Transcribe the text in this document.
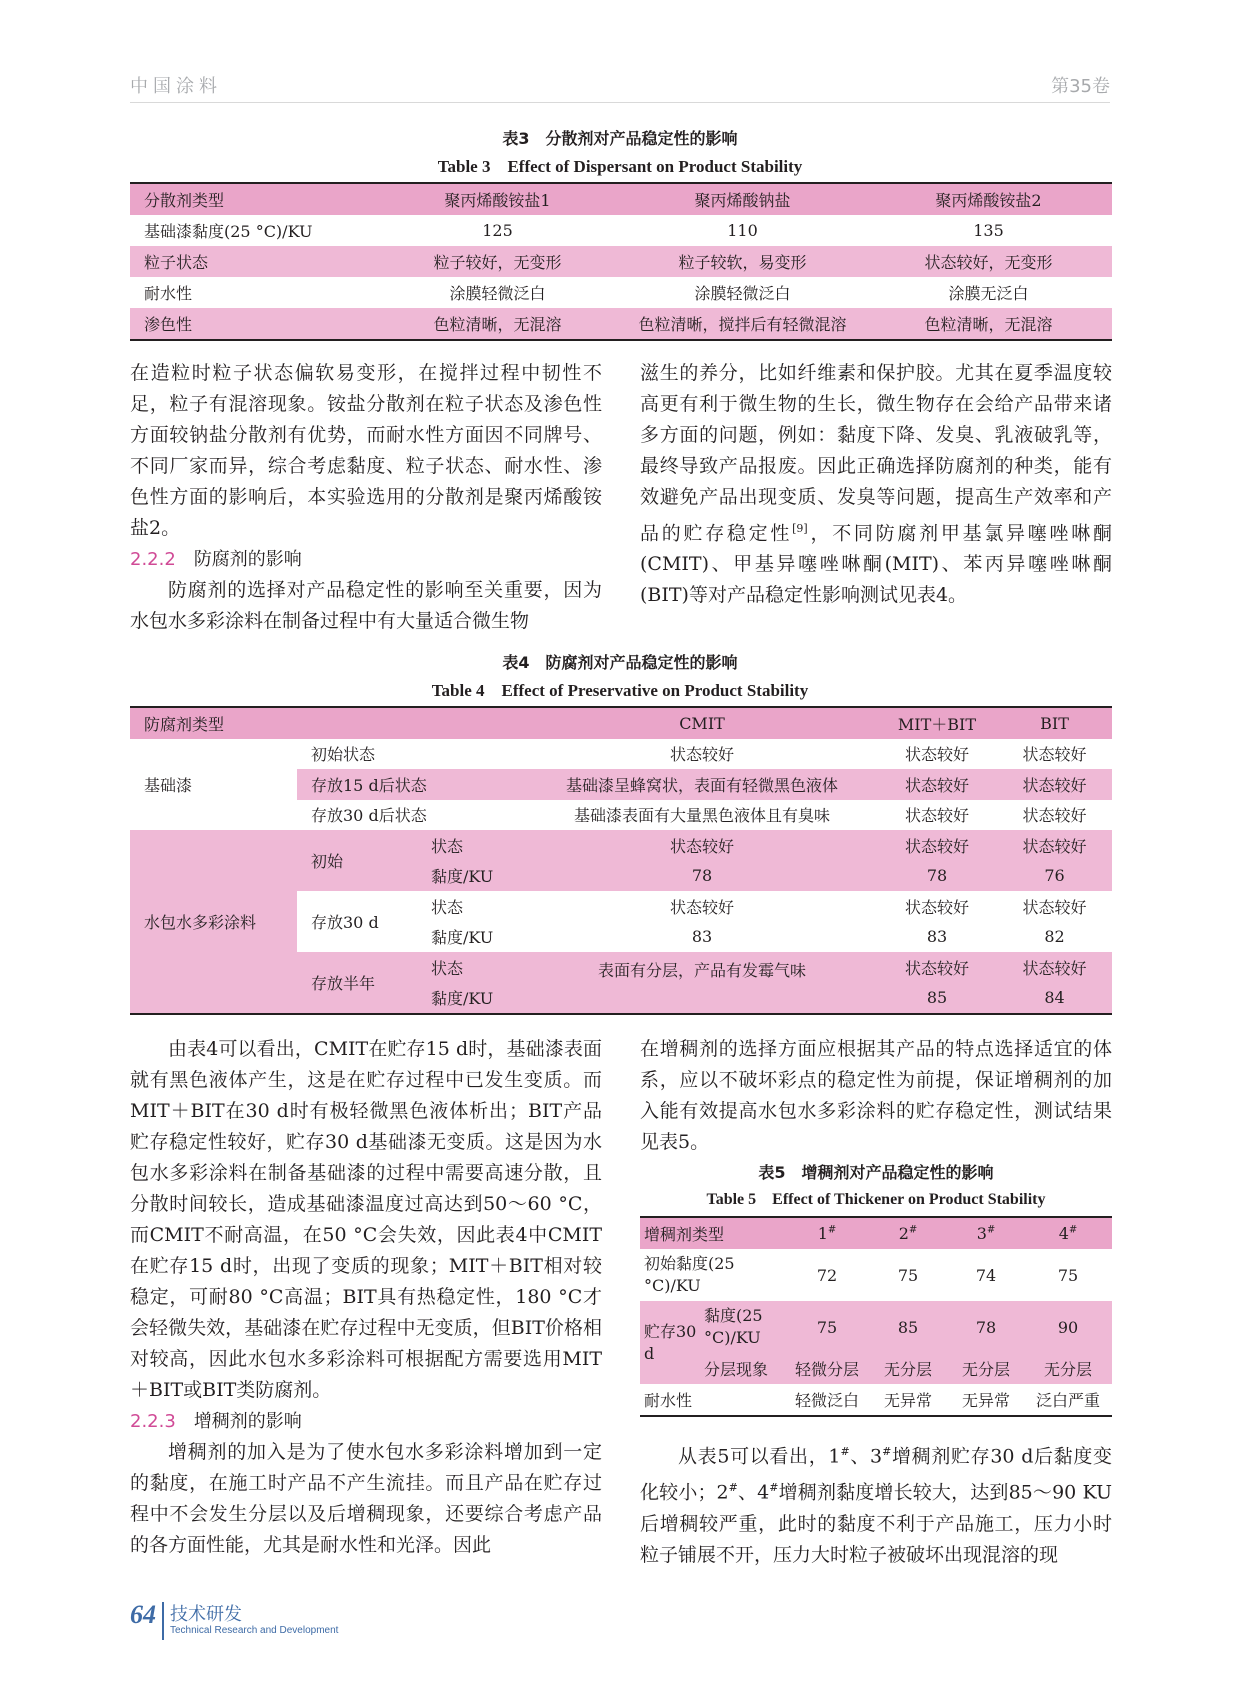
中国涂料	第35卷
表3　分散剂对产品稳定性的影响
Table 3　Effect of Dispersant on Product Stability
分散剂类型	聚丙烯酸铵盐1	聚丙烯酸钠盐	聚丙烯酸铵盐2
基础漆黏度(25 °C)/KU	125	110	135
粒子状态	粒子较好，无变形	粒子较软，易变形	状态较好，无变形
耐水性	涂膜轻微泛白	涂膜轻微泛白	涂膜无泛白
渗色性	色粒清晰，无混溶	色粒清晰，搅拌后有轻微混溶	色粒清晰，无混溶

在造粒时粒子状态偏软易变形，在搅拌过程中韧性不足，粒子有混溶现象。铵盐分散剂在粒子状态及渗色性方面较钠盐分散剂有优势，而耐水性方面因不同牌号、不同厂家而异，综合考虑黏度、粒子状态、耐水性、渗色性方面的影响后，本实验选用的分散剂是聚丙烯酸铵盐2。

2.2.2　 防腐剂的影响

防腐剂的选择对产品稳定性的影响至关重要，因为水包水多彩涂料在制备过程中有大量适合微生物

滋生的养分，比如纤维素和保护胶。尤其在夏季温度较高更有利于微生物的生长，微生物存在会给产品带来诸多方面的问题，例如：黏度下降、发臭、乳液破乳等，最终导致产品报废。因此正确选择防腐剂的种类，能有效避免产品出现变质、发臭等问题，提高生产效率和产品的贮存稳定性[9]，不同防腐剂甲基氯异噻唑啉酮(CMIT)、甲基异噻唑啉酮(MIT)、苯丙异噻唑啉酮(BIT)等对产品稳定性影响测试见表4。

表4　防腐剂对产品稳定性的影响
Table 4　Effect of Preservative on Product Stability
防腐剂类型			CMIT	MIT＋BIT	BIT
基础漆	初始状态		状态较好	状态较好	状态较好
	存放15 d后状态		基础漆呈蜂窝状，表面有轻微黑色液体	状态较好	状态较好
	存放30 d后状态		基础漆表面有大量黑色液体且有臭味	状态较好	状态较好
水包水多彩涂料	初始	状态	状态较好	状态较好	状态较好
		黏度/KU	78	78	76
	存放30 d	状态	状态较好	状态较好	状态较好
		黏度/KU	83	83	82
	存放半年	状态	表面有分层，产品有发霉气味	状态较好	状态较好
		黏度/KU		85	84

由表4可以看出，CMIT在贮存15 d时，基础漆表面就有黑色液体产生，这是在贮存过程中已发生变质。而MIT＋BIT在30 d时有极轻微黑色液体析出；BIT产品贮存稳定性较好，贮存30 d基础漆无变质。这是因为水包水多彩涂料在制备基础漆的过程中需要高速分散，且分散时间较长，造成基础漆温度过高达到50～60 °C，而CMIT不耐高温，在50 °C会失效，因此表4中CMIT在贮存15 d时，出现了变质的现象；MIT＋BIT相对较稳定，可耐80 °C高温；BIT具有热稳定性，180 °C才会轻微失效，基础漆在贮存过程中无变质，但BIT价格相对较高，因此水包水多彩涂料可根据配方需要选用MIT＋BIT或BIT类防腐剂。

2.2.3　 增稠剂的影响

增稠剂的加入是为了使水包水多彩涂料增加到一定的黏度，在施工时产品不产生流挂。而且产品在贮存过程中不会发生分层以及后增稠现象，还要综合考虑产品的各方面性能，尤其是耐水性和光泽。因此

在增稠剂的选择方面应根据其产品的特点选择适宜的体系，应以不破坏彩点的稳定性为前提，保证增稠剂的加入能有效提高水包水多彩涂料的贮存稳定性，测试结果见表5。

表5　增稠剂对产品稳定性的影响
Table 5　Effect of Thickener on Product Stability
增稠剂类型		1#	2#	3#	4#
初始黏度(25 °C)/KU		72	75	74	75
贮存30 d	黏度(25 °C)/KU	75	85	78	90
	分层现象	轻微分层	无分层	无分层	无分层
耐水性		轻微泛白	无异常	无异常	泛白严重

从表5可以看出，1#、3#增稠剂贮存30 d后黏度变化较小；2#、4#增稠剂黏度增长较大，达到85～90 KU后增稠较严重，此时的黏度不利于产品施工，压力小时粒子铺展不开，压力大时粒子被破坏出现混溶的现

64 技术研发
Technical Research and Development
